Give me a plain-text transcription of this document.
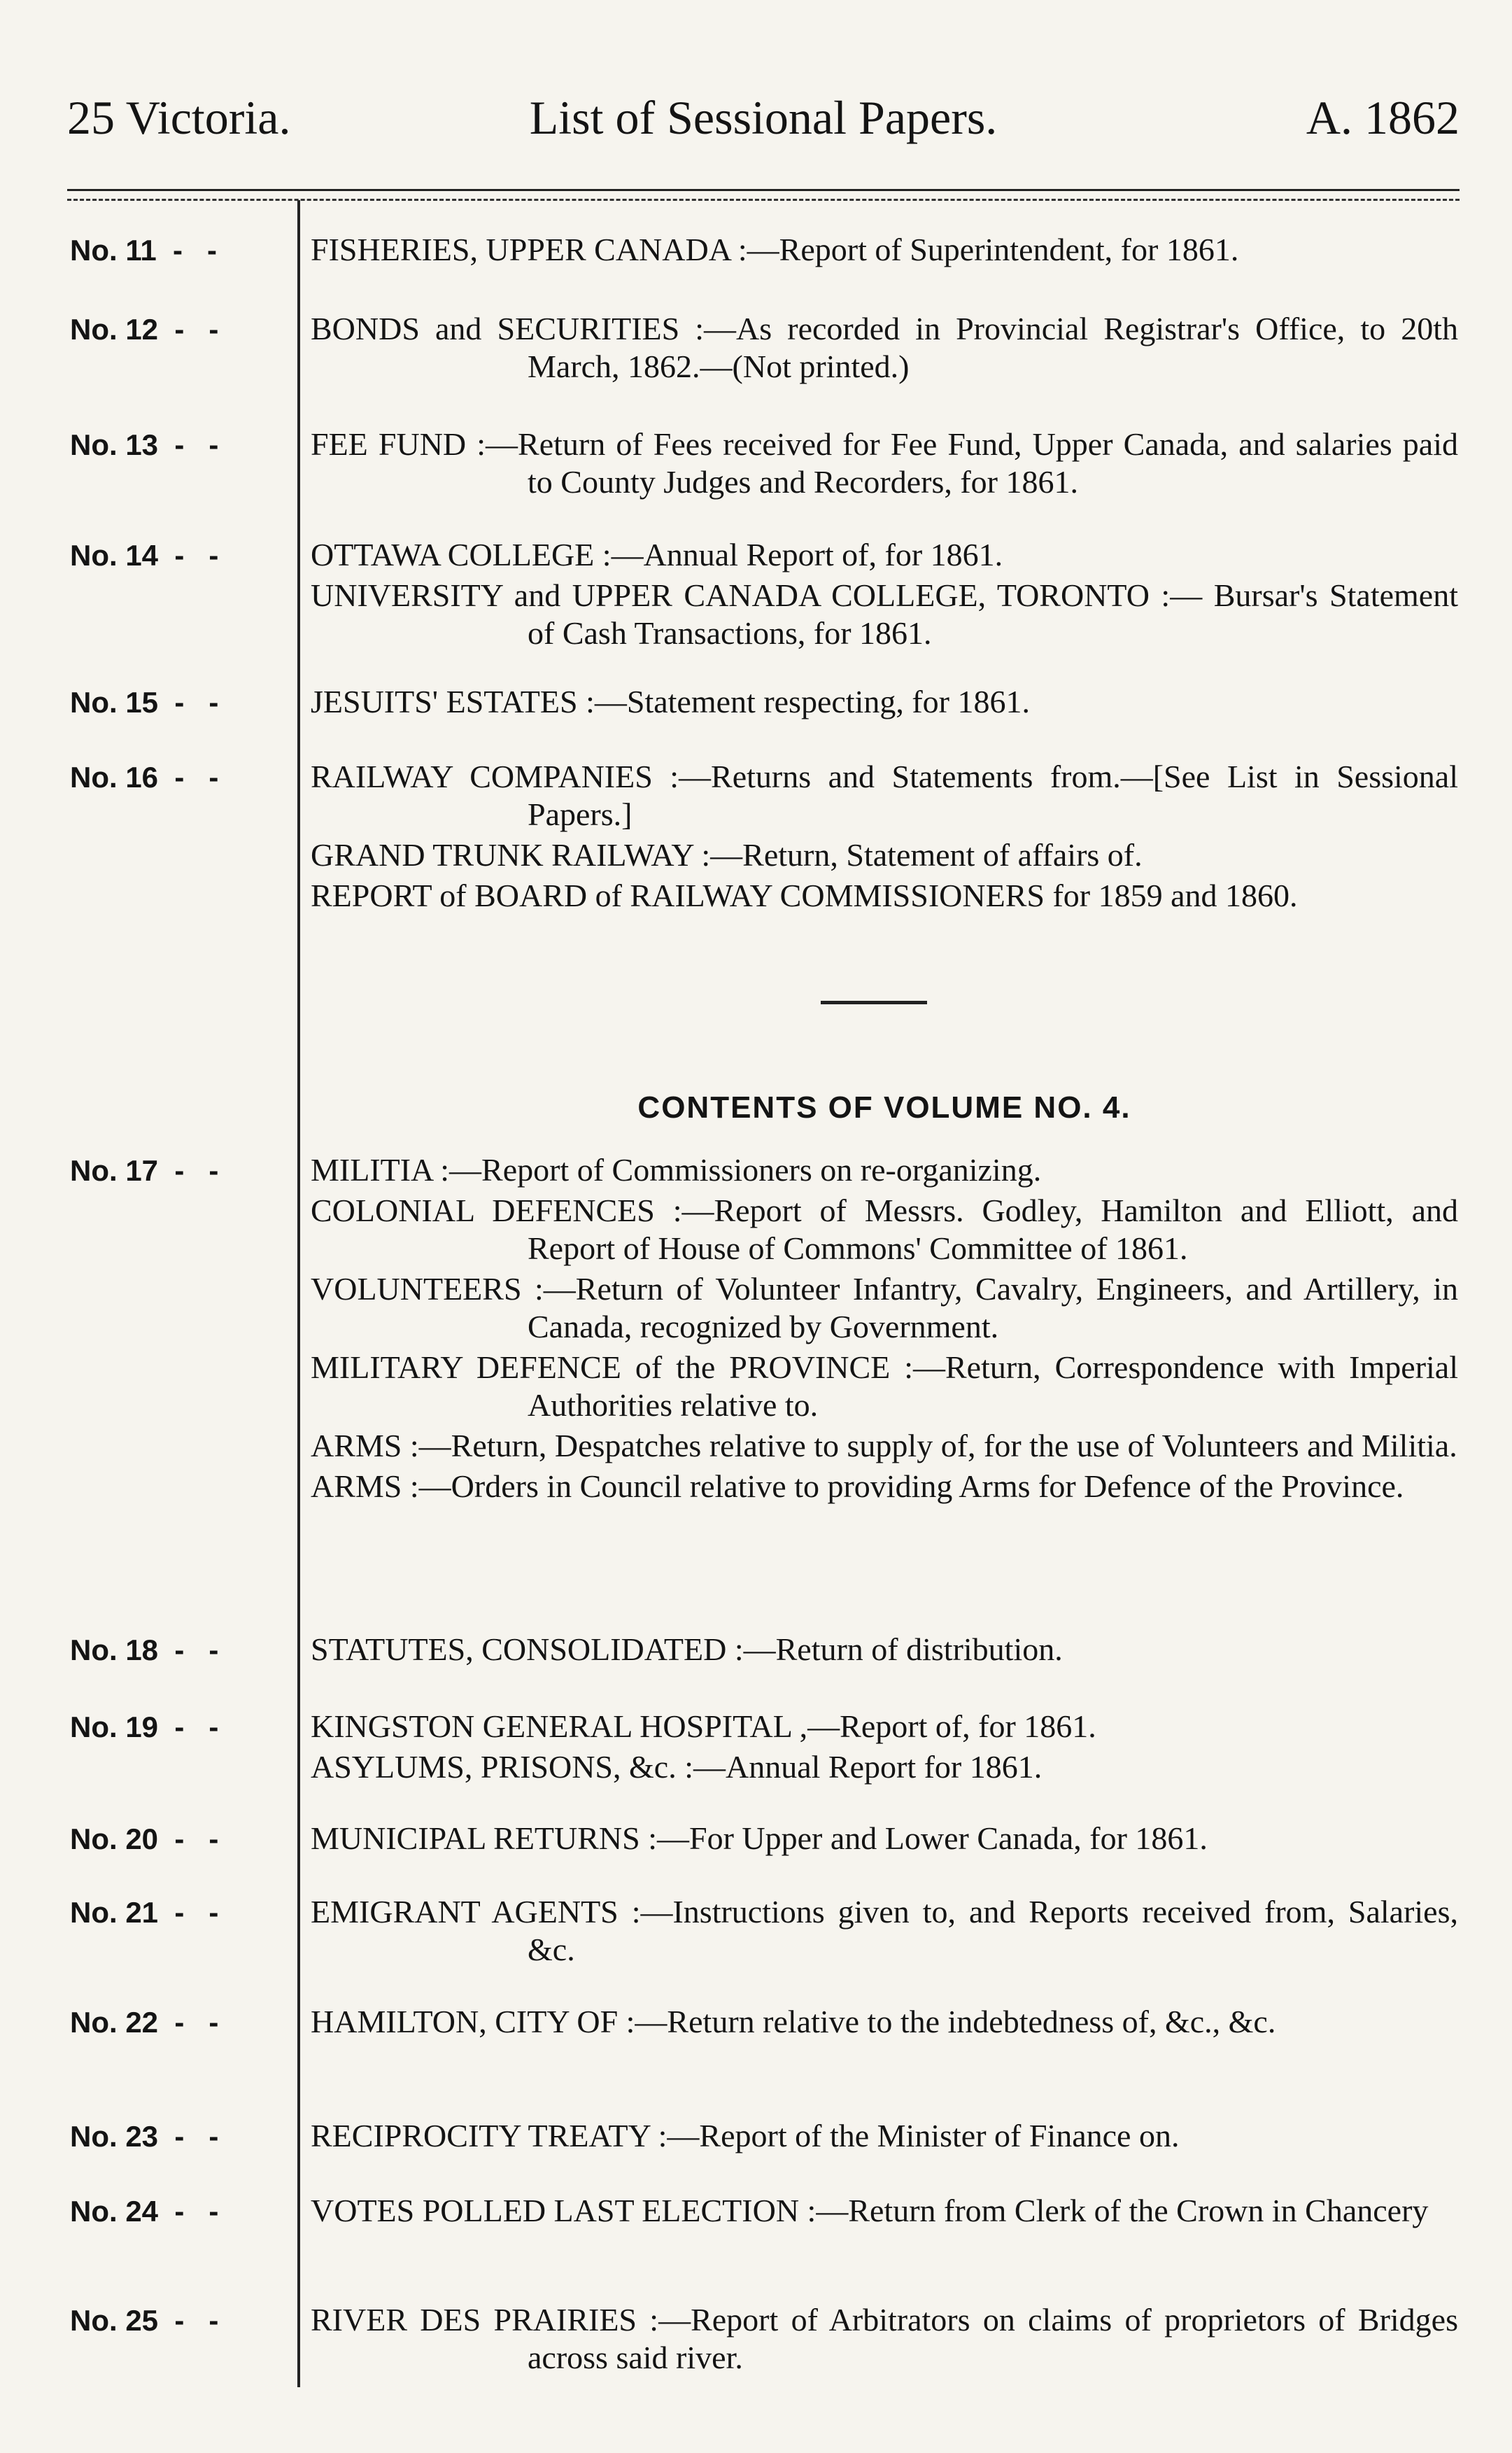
List of Sessional Papers.
25 Victoria.	A. 1862
No. 11  -   -	FISHERIES, UPPER CANADA :—Report of Superintendent, for 1861.
No. 12  -   -	BONDS and SECURITIES :—As recorded in Provincial Registrar's Office, to 20th March, 1862.—(Not printed.)
No. 13  -   -	FEE FUND :—Return of Fees received for Fee Fund, Upper Canada, and salaries paid to County Judges and Recorders, for 1861.
No. 14  -   -	OTTAWA COLLEGE :—Annual Report of, for 1861.
UNIVERSITY and UPPER CANADA COLLEGE, TORONTO :— Bursar's Statement of Cash Transactions, for 1861.
No. 15  -   -	JESUITS' ESTATES :—Statement respecting, for 1861.
No. 16  -   -	RAILWAY COMPANIES :—Returns and Statements from.—[See List in Sessional Papers.]
GRAND TRUNK RAILWAY :—Return, Statement of affairs of.
REPORT of BOARD of RAILWAY COMMISSIONERS for 1859 and 1860.
CONTENTS OF VOLUME NO. 4.
No. 17  -   -	MILITIA :—Report of Commissioners on re-organizing.
COLONIAL DEFENCES :—Report of Messrs. Godley, Hamilton and Elliott, and Report of House of Commons' Committee of 1861.
VOLUNTEERS :—Return of Volunteer Infantry, Cavalry, Engineers, and Artillery, in Canada, recognized by Government.
MILITARY DEFENCE of the PROVINCE :—Return, Correspondence with Imperial Authorities relative to.
ARMS :—Return, Despatches relative to supply of, for the use of Volunteers and Militia.
ARMS :—Orders in Council relative to providing Arms for Defence of the Province.
No. 18  -   -	STATUTES, CONSOLIDATED :—Return of distribution.
No. 19  -   -	KINGSTON GENERAL HOSPITAL ,—Report of, for 1861.
ASYLUMS, PRISONS, &c. :—Annual Report for 1861.
No. 20  -   -	MUNICIPAL RETURNS :—For Upper and Lower Canada, for 1861.
No. 21  -   -	EMIGRANT AGENTS :—Instructions given to, and Reports received from, Salaries, &c.
No. 22  -   -	HAMILTON, CITY OF :—Return relative to the indebtedness of, &c., &c.
No. 23  -   -	RECIPROCITY TREATY :—Report of the Minister of Finance on.
No. 24  -   -	VOTES POLLED LAST ELECTION :—Return from Clerk of the Crown in Chancery
No. 25  -   -	RIVER DES PRAIRIES :—Report of Arbitrators on claims of proprietors of Bridges across said river.
